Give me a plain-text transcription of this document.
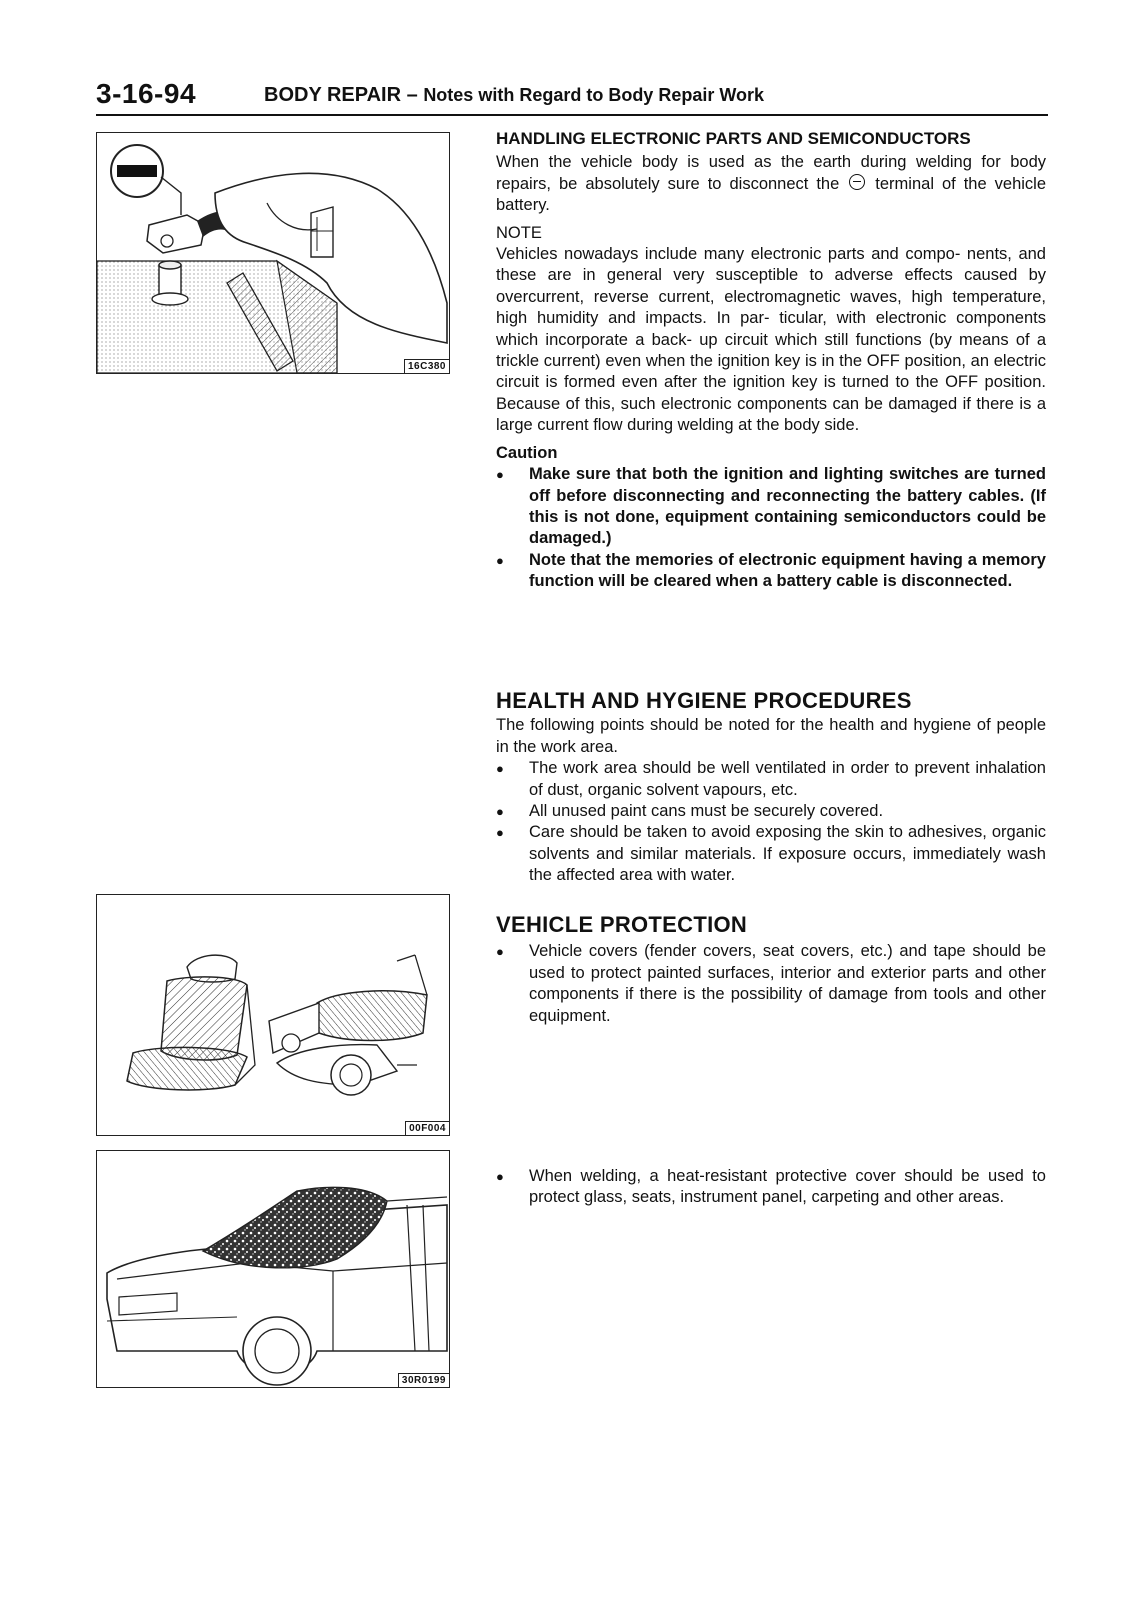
3-16-94	BODY REPAIR – Notes with Regard to Body Repair Work
16C380
00F004
30R0199
HANDLING ELECTRONIC PARTS AND SEMICONDUCTORS

When the vehicle body is used as the earth during welding for body repairs, be absolutely sure to disconnect the terminal of the vehicle battery.

NOTE

Vehicles nowadays include many electronic parts and compo- nents, and these are in general very susceptible to adverse effects caused by overcurrent, reverse current, electromagnetic waves, high temperature, high humidity and impacts. In par- ticular, with electronic components which incorporate a back- up circuit which still functions (by means of a trickle current) even when the ignition key is in the OFF position, an electric circuit is formed even after the ignition key is turned to the OFF position. Because of this, such electronic components can be damaged if there is a large current flow during welding at the body side.

Caution
● Make sure that both the ignition and lighting switches are turned off before disconnecting and reconnecting the battery cables. (If this is not done, equipment containing semiconductors could be damaged.)
● Note that the memories of electronic equipment having a memory function will be cleared when a battery cable is disconnected.
HEALTH AND HYGIENE PROCEDURES

The following points should be noted for the health and hygiene of people in the work area.

● The work area should be well ventilated in order to prevent inhalation of dust, organic solvent vapours, etc.
● All unused paint cans must be securely covered.
● Care should be taken to avoid exposing the skin to adhesives, organic solvents and similar materials. If exposure occurs, immediately wash the affected area with water.
VEHICLE PROTECTION
● Vehicle covers (fender covers, seat covers, etc.) and tape should be used to protect painted surfaces, interior and exterior parts and other components if there is the possibility of damage from tools and other equipment.
● When welding, a heat-resistant protective cover should be used to protect glass, seats, instrument panel, carpeting and other areas.
